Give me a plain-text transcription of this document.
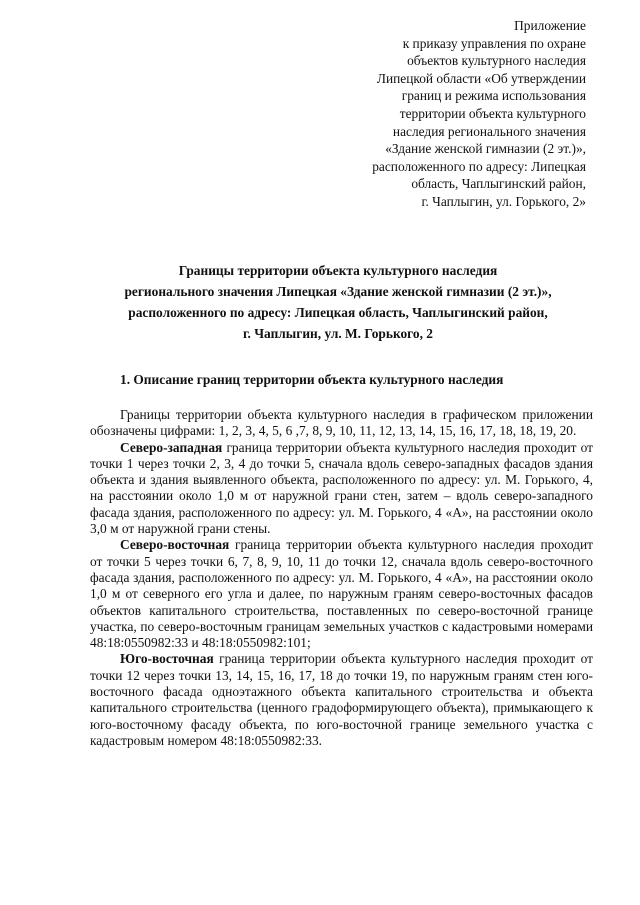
Приложение
к приказу управления по охране
объектов культурного наследия
Липецкой области «Об утверждении
границ и режима использования
территории объекта культурного
наследия регионального значения
«Здание женской гимназии (2 эт.)»,
расположенного по адресу: Липецкая
область, Чаплыгинский район,
г. Чаплыгин, ул. Горького, 2»
Границы территории объекта культурного наследия
регионального значения Липецкая «Здание женской гимназии (2 эт.)»,
расположенного по адресу: Липецкая область, Чаплыгинский район,
г. Чаплыгин, ул. М. Горького, 2
1. Описание границ территории объекта культурного наследия

Границы территории объекта культурного наследия в графическом приложении обозначены цифрами: 1, 2, 3, 4, 5, 6 ,7, 8, 9, 10, 11, 12, 13, 14, 15, 16, 17, 18, 18, 19, 20.

Северо-западная граница территории объекта культурного наследия проходит от точки 1 через точки 2, 3, 4 до точки 5, сначала вдоль северо-западных фасадов здания объекта и здания выявленного объекта, расположенного по адресу: ул. М. Горького, 4, на расстоянии около 1,0 м от наружной грани стен, затем – вдоль северо-западного фасада здания, расположенного по адресу: ул. М. Горького, 4 «А», на расстоянии около 3,0 м от наружной грани стены.

Северо-восточная граница территории объекта культурного наследия проходит от точки 5 через точки 6, 7, 8, 9, 10, 11 до точки 12, сначала вдоль северо-восточного фасада здания, расположенного по адресу: ул. М. Горького, 4 «А», на расстоянии около 1,0 м от северного его угла и далее, по наружным граням северо-восточных фасадов объектов капитального строительства, поставленных по северо-восточной границе участка, по северо-восточным границам земельных участков с кадастровыми номерами 48:18:0550982:33 и 48:18:0550982:101;

Юго-восточная граница территории объекта культурного наследия проходит от точки 12 через точки 13, 14, 15, 16, 17, 18 до точки 19, по наружным граням стен юго-восточного фасада одноэтажного объекта капитального строительства и объекта капитального строительства (ценного градоформирующего объекта), примыкающего к юго-восточному фасаду объекта, по юго-восточной границе земельного участка с кадастровым номером 48:18:0550982:33.
